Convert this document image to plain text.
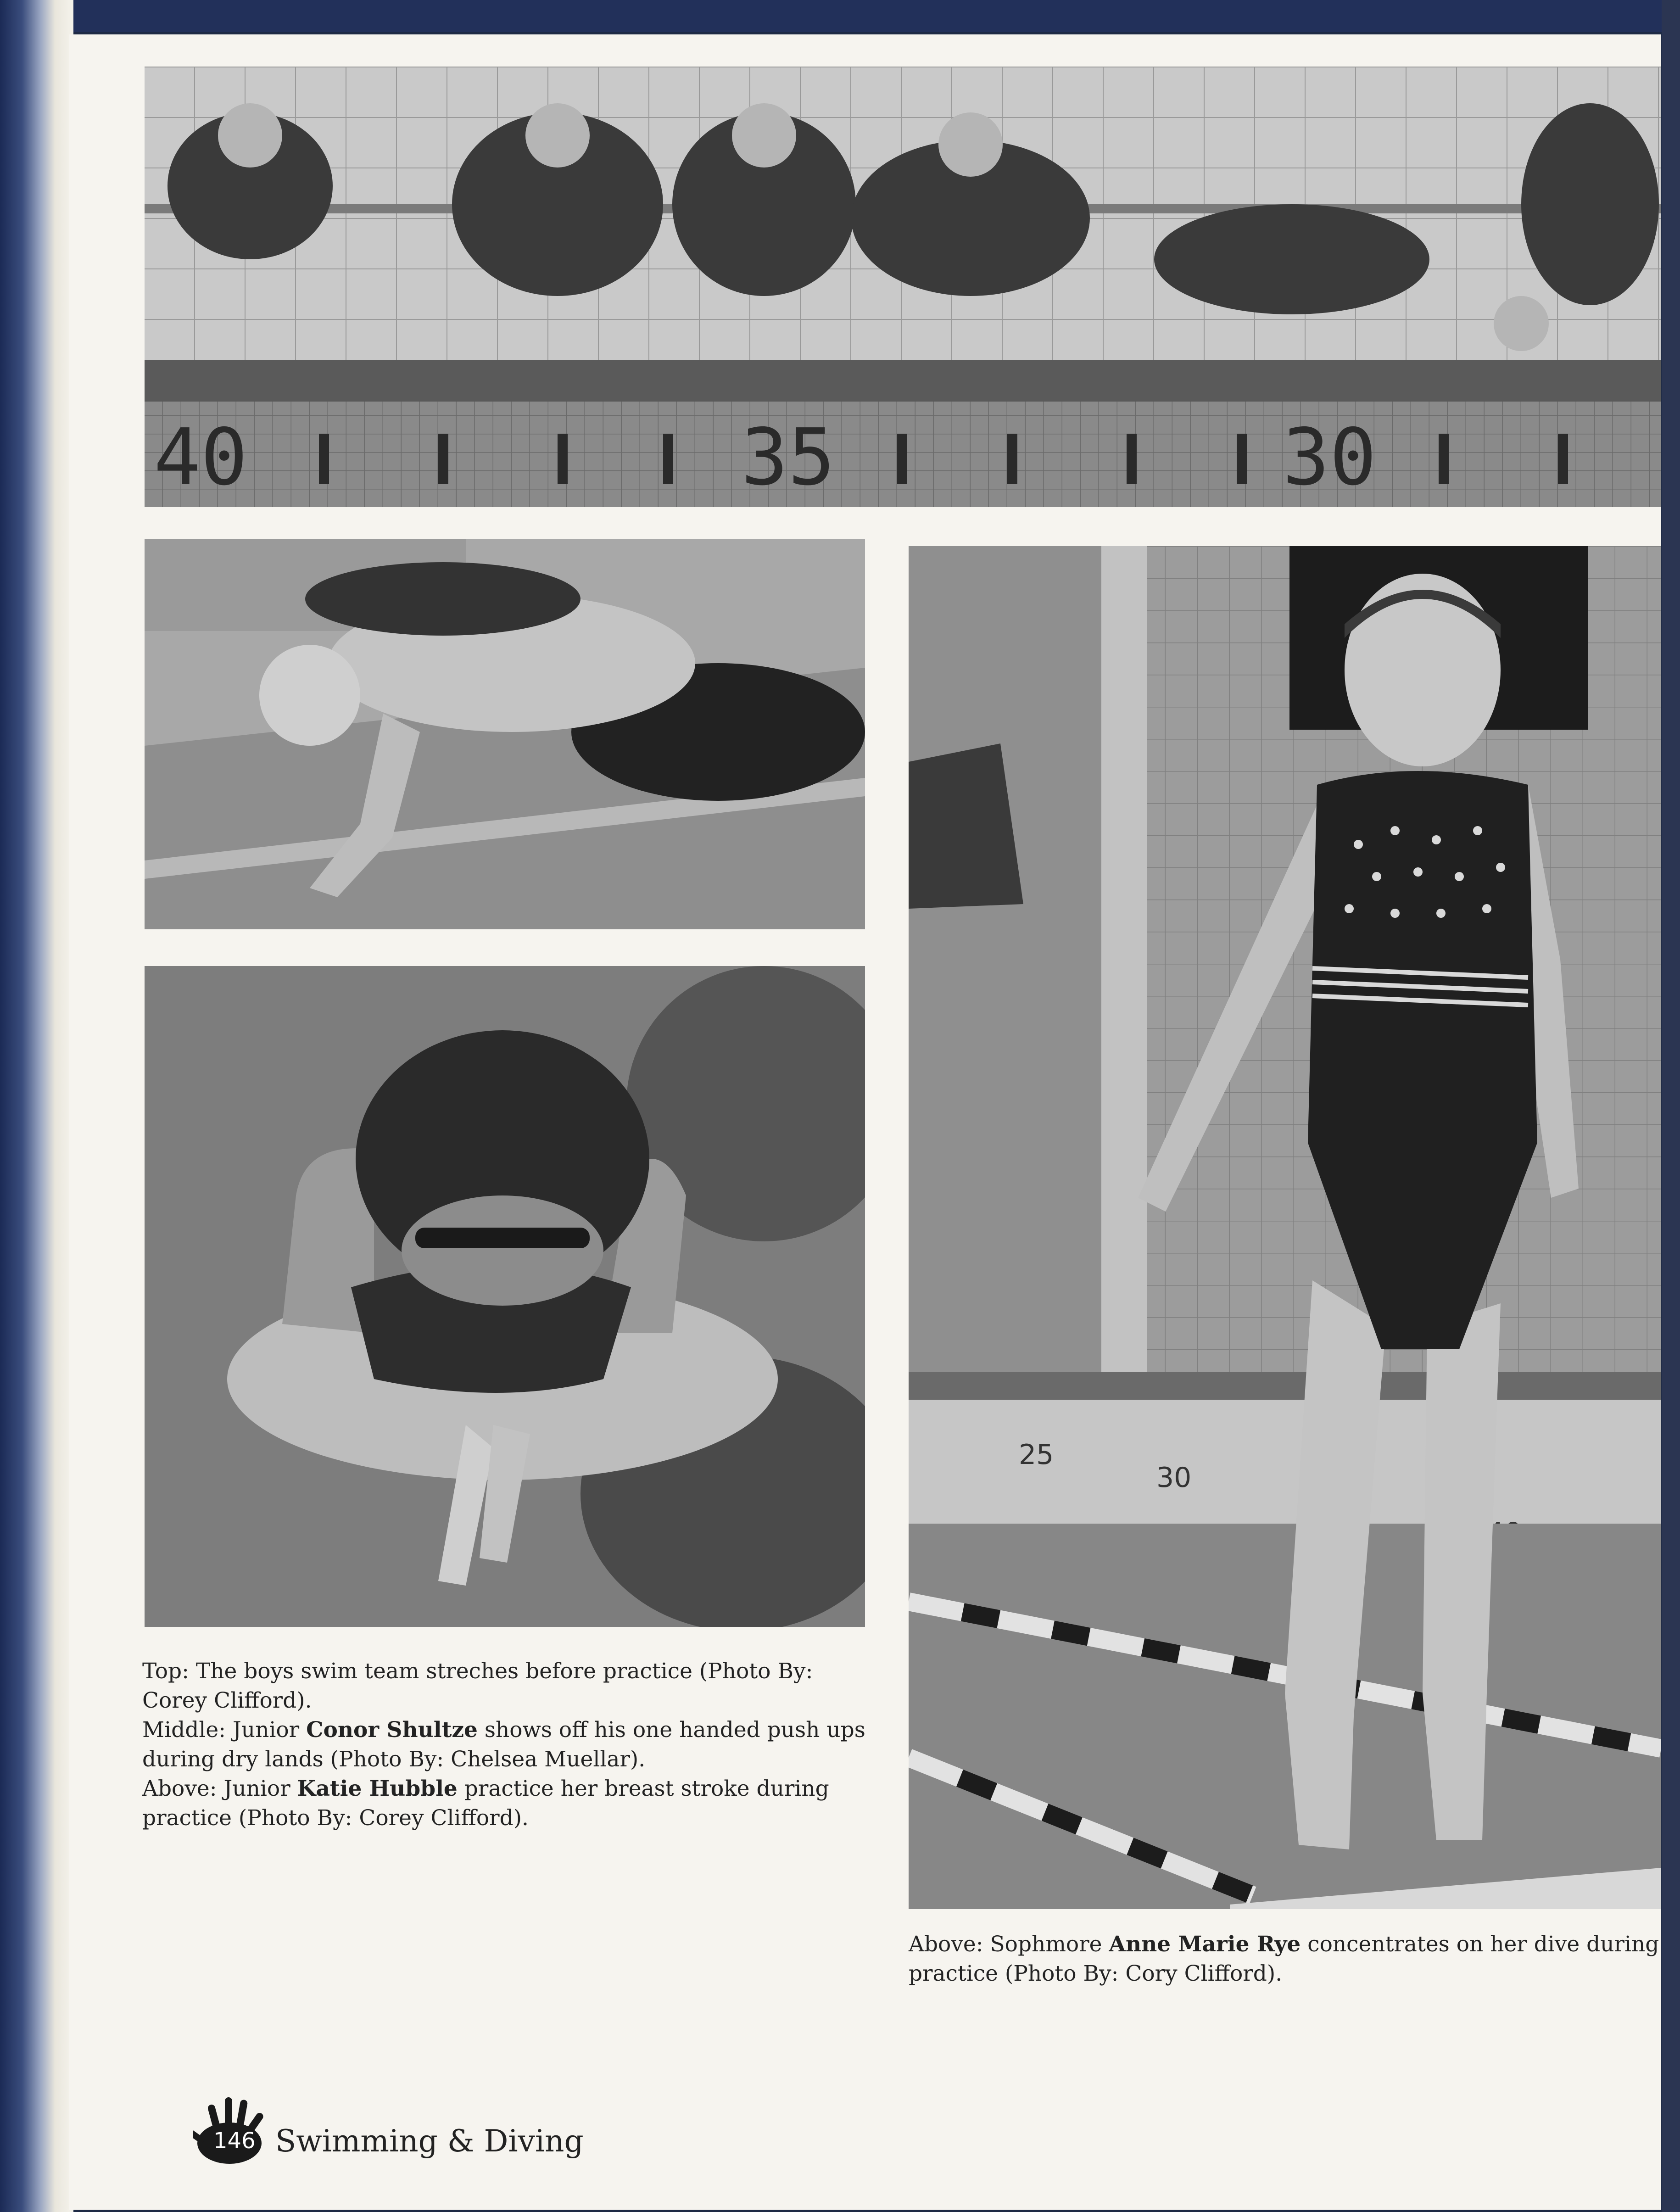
40	35	30
25
30
Top: The boys swim team streches before practice (Photo By: Corey Clifford).
Middle: Junior Conor Shultze shows off his one handed push ups during dry lands (Photo By: Chelsea Muellar).
Above: Junior Katie Hubble practice her breast stroke during practice (Photo By: Corey Clifford).
Above: Sophmore Anne Marie Rye concentrates on her dive during practice (Photo By: Cory Clifford).
146 Swimming & Diving
